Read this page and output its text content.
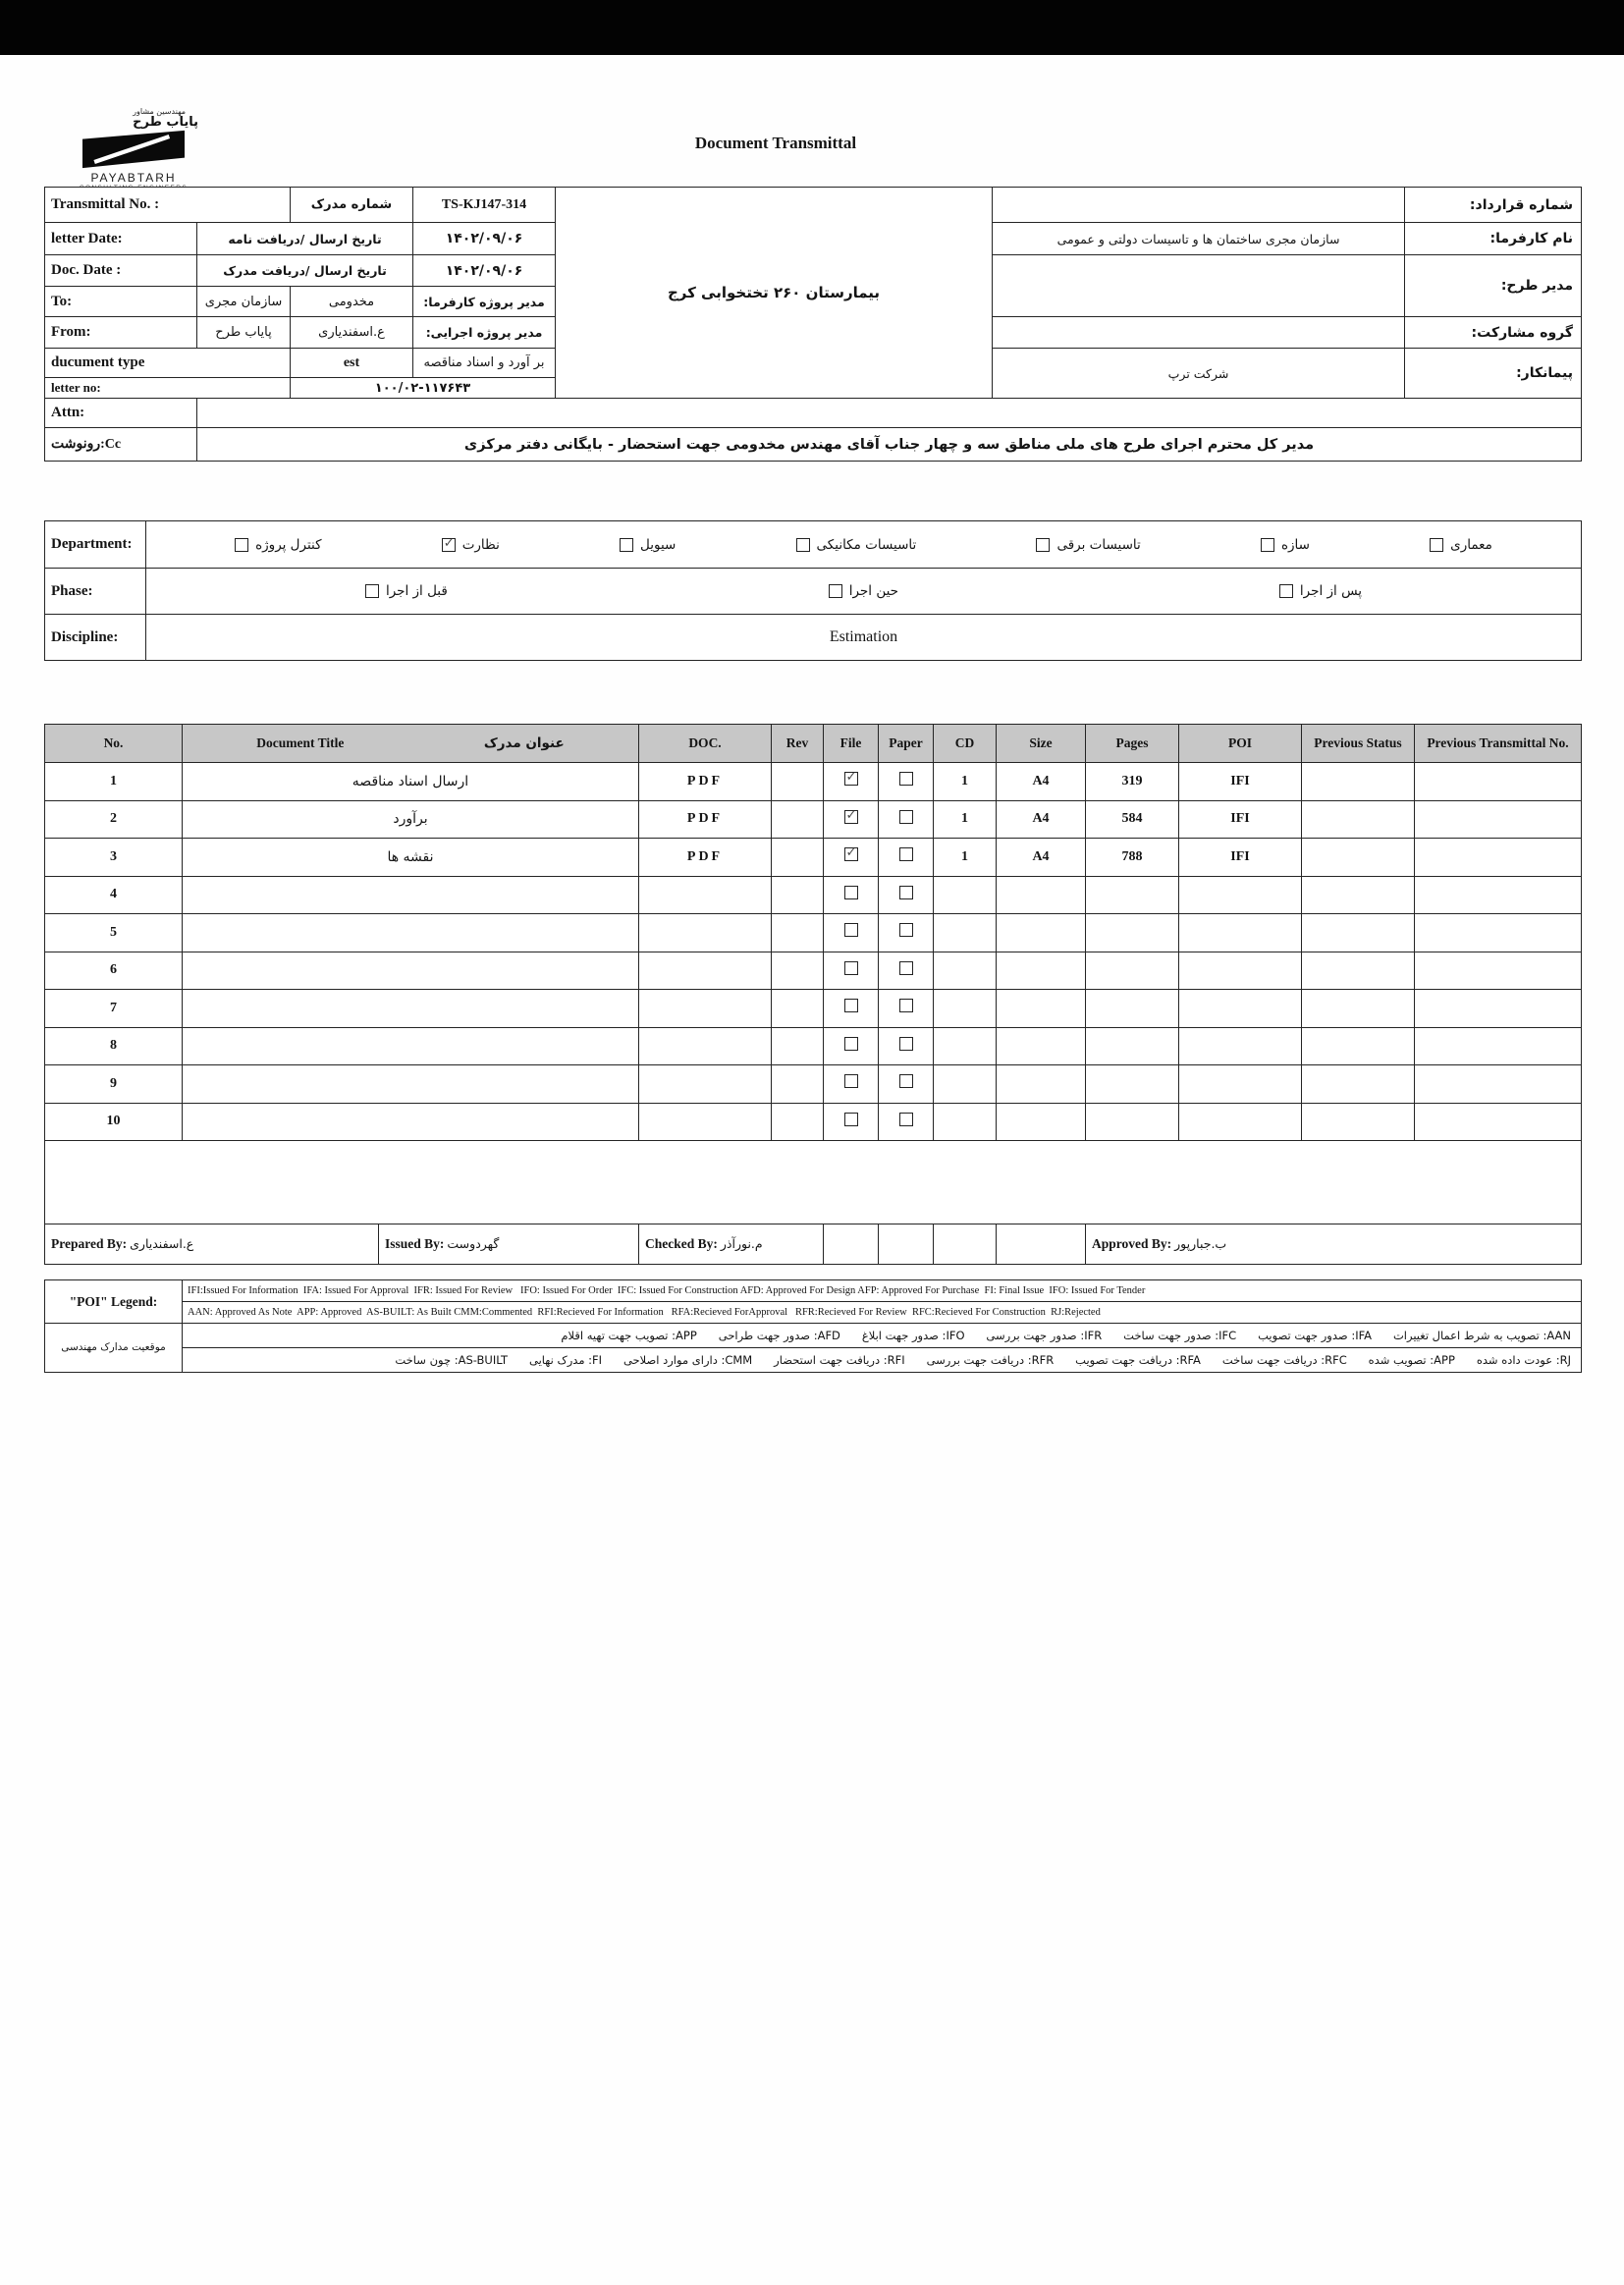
مهندسین مشاور
پایاب طرح
PAYABTARH
Document Transmittal
Transmittal No. :		شماره مدرک	TS-KJ147-314	بیمارستان ۲۶۰ تختخوابی کرج		شماره قرارداد:
letter Date:	تاریخ ارسال /دریافت نامه		۱۴۰۲/۰۹/۰۶		سازمان مجری ساختمان ها و تاسیسات دولتی و عمومی	نام کارفرما:
Doc. Date :	تاریخ ارسال /دریافت مدرک		۱۴۰۲/۰۹/۰۶			مدیر طرح:
To:	سازمان مجری	مخدومی	مدیر پروژه کارفرما:			
From:	پایاب طرح	ع.اسفندیاری	مدیر پروژه اجرایی:			گروه مشارکت:
ducument type		est	بر آورد و اسناد مناقصه		شرکت ترپ	پیمانکار:
letter no:		۱۰۰/۰۲-۱۱۷۶۴۳				
Attn:						
رونوشت:Cc	مدیر کل محترم اجرای طرح های ملی مناطق سه و چهار جناب آقای مهندس مخدومی جهت استحضار - بایگانی دفتر مرکزی					
Department:	کنترل پروژه	نظارت ✓	سیویل	تاسیسات مکانیکی	تاسیسات برقی	سازه	معماری

Phase:	قبل از اجرا حین اجرا پس از اجرا

Discipline:	Estimation
No.	Document Title عنوان مدرک	DOC.	Rev	File	Paper	CD	Size	Pages	POI	Previous Status	Previous Transmittal No.
1	ارسال اسناد مناقصه	PDF		✓		1	A4	319	IFI		
2	برآورد	PDF		✓		1	A4	584	IFI		
3	نقشه ها	PDF		✓		1	A4	788	IFI		
4											
5											
6											
7											
8											
9											
10											

Prepared By: ع.اسفندیاری	Issued By: گهردوست	Checked By: م.نورآذر					Approved By: ب.جبارپور
"POI" Legend:	IFI:Issued For Information  IFA: Issued For Approval  IFR: Issued For Review   IFO: Issued For Order  IFC: Issued For Construction AFD: Approved For Design AFP: Approved For Purchase  FI: Final Issue  IFO: Issued For Tender
	AAN: Approved As Note  APP: Approved  AS-BUILT: As Built CMM:Commented  RFI:Recieved For Information   RFA:Recieved ForApproval   RFR:Recieved For Review  RFC:Recieved For Construction  RJ:Rejected
موقعیت مدارک مهندسی	AAN: تصویب به شرط اعمال تغییرات      IFA: صدور جهت تصویب      IFC: صدور جهت ساخت      IFR: صدور جهت بررسی      IFO: صدور جهت ابلاغ      AFD: صدور جهت طراحی      APP: تصویب جهت تهیه اقلام
	RJ: عودت داده شده      APP: تصویب شده      RFC: دریافت جهت ساخت      RFA: دریافت جهت تصویب      RFR: دریافت جهت بررسی      RFI: دریافت جهت استحضار      CMM: دارای موارد اصلاحی      FI: مدرک نهایی      AS-BUILT: چون ساخت
